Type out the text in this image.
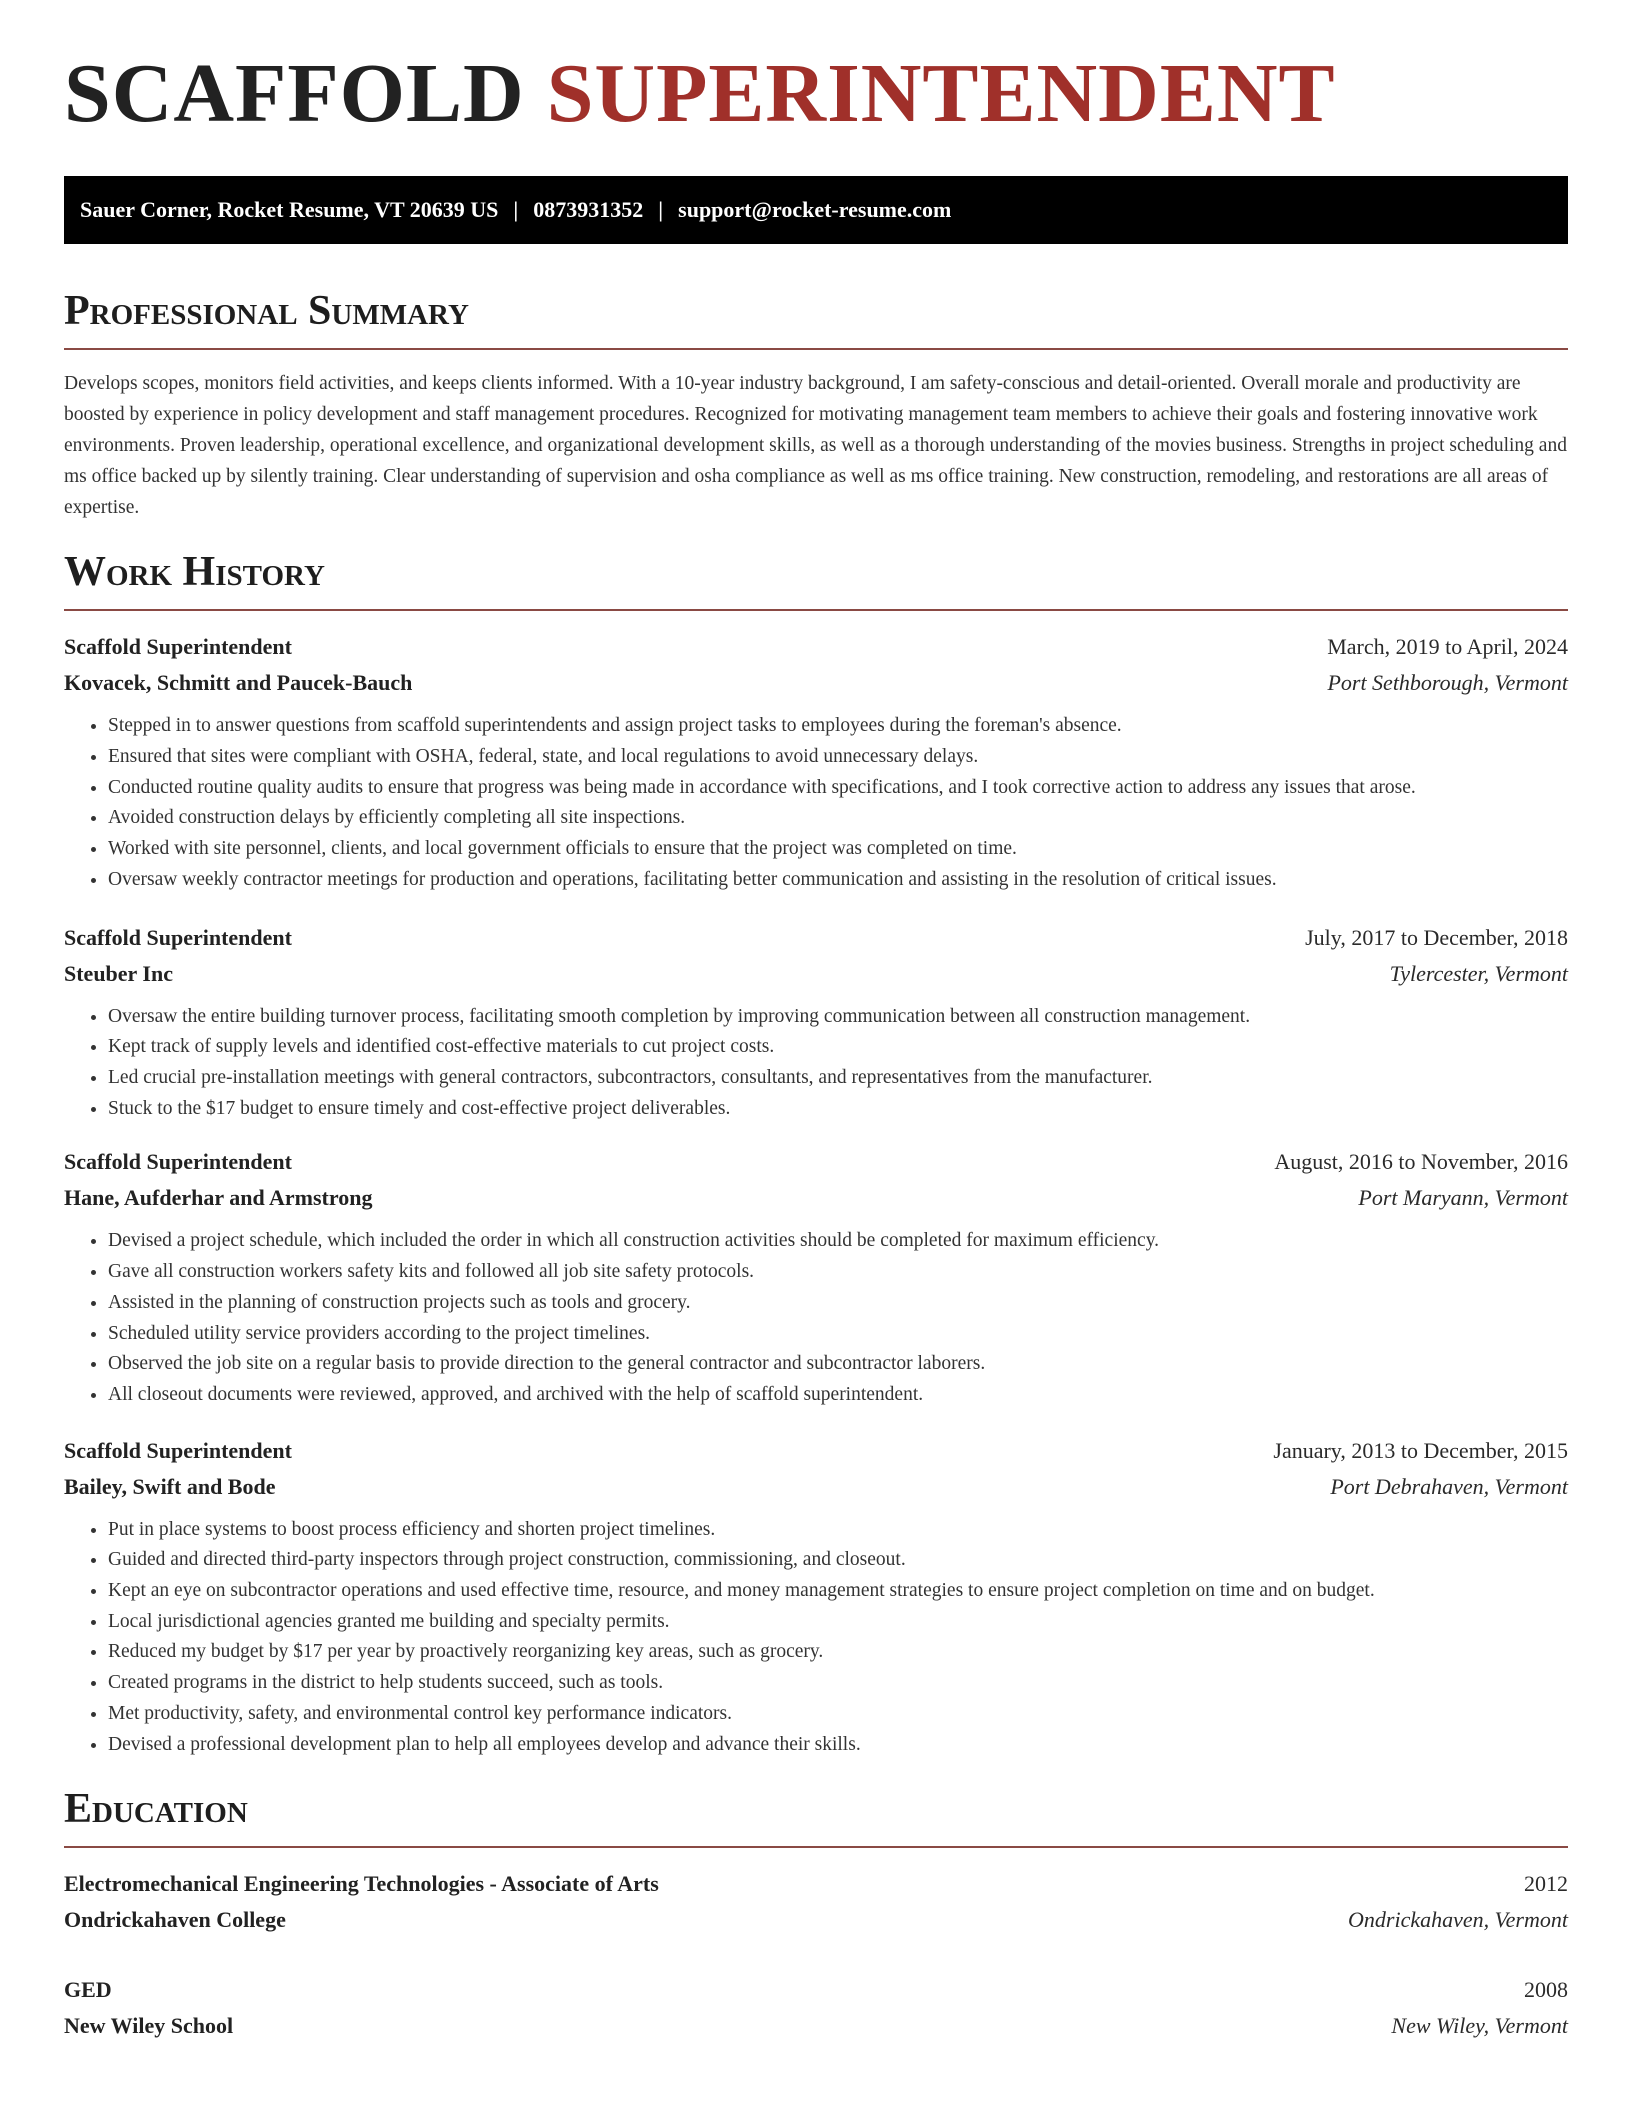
SCAFFOLD SUPERINTENDENT
Sauer Corner, Rocket Resume, VT 20639 US | 0873931352 | support@rocket-resume.com
Professional Summary

Develops scopes, monitors field activities, and keeps clients informed. With a 10-year industry background, I am safety-conscious and detail-oriented. Overall morale and productivity are boosted by experience in policy development and staff management procedures. Recognized for motivating management team members to achieve their goals and fostering innovative work environments. Proven leadership, operational excellence, and organizational development skills, as well as a thorough understanding of the movies business. Strengths in project scheduling and ms office backed up by silently training. Clear understanding of supervision and osha compliance as well as ms office training. New construction, remodeling, and restorations are all areas of expertise.

Work History
Scaffold Superintendent	March, 2019 to April, 2024
Kovacek, Schmitt and Paucek-Bauch	Port Sethborough, Vermont
• Stepped in to answer questions from scaffold superintendents and assign project tasks to employees during the foreman's absence.
• Ensured that sites were compliant with OSHA, federal, state, and local regulations to avoid unnecessary delays.
• Conducted routine quality audits to ensure that progress was being made in accordance with specifications, and I took corrective action to address any issues that arose.
• Avoided construction delays by efficiently completing all site inspections.
• Worked with site personnel, clients, and local government officials to ensure that the project was completed on time.
• Oversaw weekly contractor meetings for production and operations, facilitating better communication and assisting in the resolution of critical issues.
Scaffold Superintendent	July, 2017 to December, 2018
Steuber Inc	Tylercester, Vermont
• Oversaw the entire building turnover process, facilitating smooth completion by improving communication between all construction management.
• Kept track of supply levels and identified cost-effective materials to cut project costs.
• Led crucial pre-installation meetings with general contractors, subcontractors, consultants, and representatives from the manufacturer.
• Stuck to the $17 budget to ensure timely and cost-effective project deliverables.
Scaffold Superintendent	August, 2016 to November, 2016
Hane, Aufderhar and Armstrong	Port Maryann, Vermont
• Devised a project schedule, which included the order in which all construction activities should be completed for maximum efficiency.
• Gave all construction workers safety kits and followed all job site safety protocols.
• Assisted in the planning of construction projects such as tools and grocery.
• Scheduled utility service providers according to the project timelines.
• Observed the job site on a regular basis to provide direction to the general contractor and subcontractor laborers.
• All closeout documents were reviewed, approved, and archived with the help of scaffold superintendent.
Scaffold Superintendent	January, 2013 to December, 2015
Bailey, Swift and Bode	Port Debrahaven, Vermont
• Put in place systems to boost process efficiency and shorten project timelines.
• Guided and directed third-party inspectors through project construction, commissioning, and closeout.
• Kept an eye on subcontractor operations and used effective time, resource, and money management strategies to ensure project completion on time and on budget.
• Local jurisdictional agencies granted me building and specialty permits.
• Reduced my budget by $17 per year by proactively reorganizing key areas, such as grocery.
• Created programs in the district to help students succeed, such as tools.
• Met productivity, safety, and environmental control key performance indicators.
• Devised a professional development plan to help all employees develop and advance their skills.
Education
Electromechanical Engineering Technologies - Associate of Arts	2012
Ondrickahaven College	Ondrickahaven, Vermont
GED	2008
New Wiley School	New Wiley, Vermont
